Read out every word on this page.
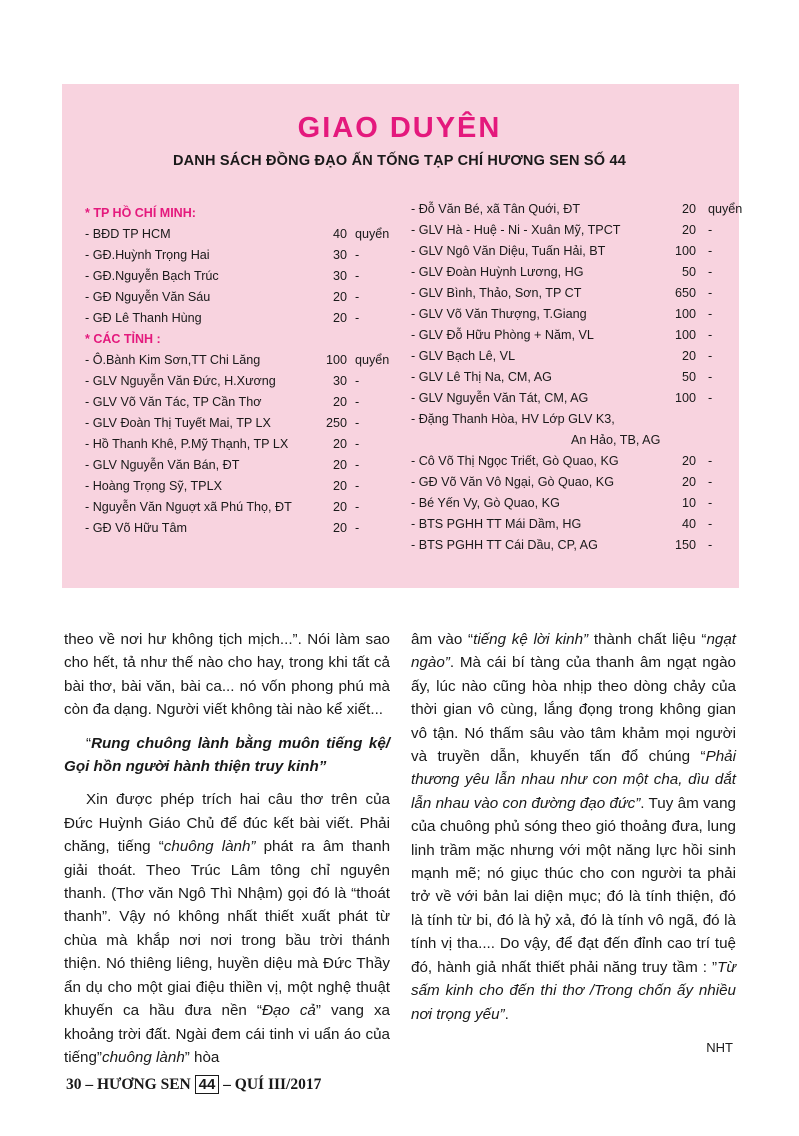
GIAO DUYÊN
DANH SÁCH ĐỒNG ĐẠO ẤN TỐNG TẠP CHÍ HƯƠNG SEN SỐ 44
* TP HỒ CHÍ MINH:
- BĐD TP HCM	40 quyển
- GĐ.Huỳnh Trọng Hai	30 -
- GĐ.Nguyễn Bạch Trúc	30 -
- GĐ Nguyễn Văn Sáu	20 -
- GĐ Lê Thanh Hùng	20 -
* CÁC TỈNH :
- Ô.Bành Kim Sơn,TT Chi Lăng	100 quyển
- GLV Nguyễn Văn Đức, H.Xương	30 -
- GLV Võ Văn Tác, TP Cần Thơ	20 -
- GLV Đoàn Thị Tuyết Mai, TP LX	250 -
- Hồ Thanh Khê, P.Mỹ Thạnh, TP LX	20 -
- GLV Nguyễn Văn Bán, ĐT	20 -
- Hoàng Trọng Sỹ, TPLX	20 -
- Nguyễn Văn Nguợt xã Phú Thọ, ĐT	20 -
- GĐ Võ Hữu Tâm	20 -
- Đỗ Văn Bé, xã Tân Quới, ĐT	20 quyển
- GLV Hà - Huệ - Ni - Xuân Mỹ, TPCT	20 -
- GLV Ngô Văn Diệu, Tuấn Hải, BT	100 -
- GLV Đoàn Huỳnh Lương, HG	50 -
- GLV Bình, Thảo, Sơn, TP CT	650 -
- GLV Võ Văn Thượng, T.Giang	100 -
- GLV Đỗ Hữu Phòng + Năm, VL	100 -
- GLV Bạch Lê, VL	20 -
- GLV Lê Thị Na, CM, AG	50 -
- GLV Nguyễn Văn Tát, CM, AG	100 -
- Đặng Thanh Hòa, HV Lớp GLV K3,
An Hảo, TB, AG
- Cô Võ Thị Ngọc Triết, Gò Quao, KG	20 -
- GĐ Võ Văn Vô Ngại, Gò Quao, KG	20 -
- Bé Yến Vy, Gò Quao, KG	10 -
- BTS PGHH TT Mái Dầm, HG	40 -
- BTS PGHH TT Cái Dầu, CP, AG	150 -

theo về nơi hư không tịch mịch...”. Nói làm sao cho hết, tả như thế nào cho hay, trong khi tất cả bài thơ, bài văn, bài ca... nó vốn phong phú mà còn đa dạng. Người viết không tài nào kể xiết...

“Rung chuông lành bằng muôn tiếng kệ/ Gọi hồn người hành thiện truy kinh”

Xin được phép trích hai câu thơ trên của Đức Huỳnh Giáo Chủ để đúc kết bài viết. Phải chăng, tiếng “chuông lành” phát ra âm thanh giải thoát. Theo Trúc Lâm tông chỉ nguyên thanh. (Thơ văn Ngô Thì Nhậm) gọi đó là “thoát thanh”. Vậy nó không nhất thiết xuất phát từ chùa mà khắp nơi nơi trong bầu trời thánh thiện. Nó thiêng liêng, huyền diệu mà Đức Thầy ẩn dụ cho một giai điệu thiền vị, một nghệ thuật khuyến ca hầu đưa nền “Đạo cả” vang xa khoảng trời đất. Ngài đem cái tinh vi uẩn áo của tiếng”chuông lành” hòa

âm vào “tiếng kệ lời kinh” thành chất liệu “ngạt ngào”. Mà cái bí tàng của thanh âm ngạt ngào ấy, lúc nào cũng hòa nhịp theo dòng chảy của thời gian vô cùng, lắng đọng trong không gian vô tận. Nó thấm sâu vào tâm khảm mọi người và truyền dẫn, khuyến tấn đổ chúng “Phải thương yêu lẫn nhau như con một cha, dìu dắt lẫn nhau vào con đường đạo đức”. Tuy âm vang của chuông phủ sóng theo gió thoảng đưa, lung linh trầm mặc nhưng với một năng lực hồi sinh mạnh mẽ; nó giục thúc cho con người ta phải trở về với bản lai diện mục; đó là tính thiện, đó là tính từ bi, đó là hỷ xả, đó là tính vô ngã, đó là tính vị tha.... Do vậy, để đạt đến đỉnh cao trí tuệ đó, hành giả nhất thiết phải năng truy tầm : ”Từ sấm kinh cho đến thi thơ /Trong chốn ấy nhiều nơi trọng yếu”.

NHT
30 – HƯƠNG SEN 44 – QUÍ III/2017
